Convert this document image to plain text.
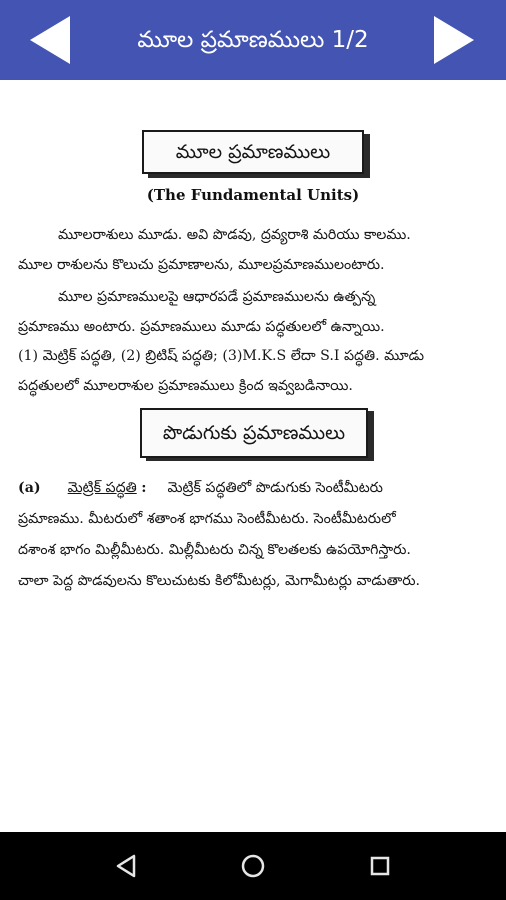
మూల ప్రమాణములు 1/2
మూల ప్రమాణములు
(The Fundamental Units)
మూలరాశులు మూడు. అవి పొడవు, ద్రవ్యరాశి మరియు కాలము.
మూల రాశులను కొలుచు ప్రమాణాలను, మూలప్రమాణములంటారు.
మూల ప్రమాణములపై ఆధారపడే ప్రమాణములను ఉత్పన్న
ప్రమాణము అంటారు. ప్రమాణములు మూడు పద్ధతులలో ఉన్నాయి.
(1) మెట్రిక్ పద్ధతి, (2) బ్రిటిష్ పద్ధతి; (3)M.K.S లేదా S.I పద్ధతి. మూడు
పద్ధతులలో మూలరాశుల ప్రమాణములు క్రింద ఇవ్వబడినాయి.
పొడుగుకు ప్రమాణములు
(a) మెట్రిక్ పద్ధతి : మెట్రిక్ పద్ధతిలో పొడుగుకు సెంటీమీటరు
ప్రమాణము. మీటరులో శతాంశ భాగము సెంటీమీటరు. సెంటీమీటరులో
దశాంశ భాగం మిల్లీమీటరు. మిల్లీమీటరు చిన్న కొలతలకు ఉపయోగిస్తారు.
చాలా పెద్ద పొడవులను కొలుచుటకు కిలోమీటర్లు, మెగామీటర్లు వాడుతారు.
